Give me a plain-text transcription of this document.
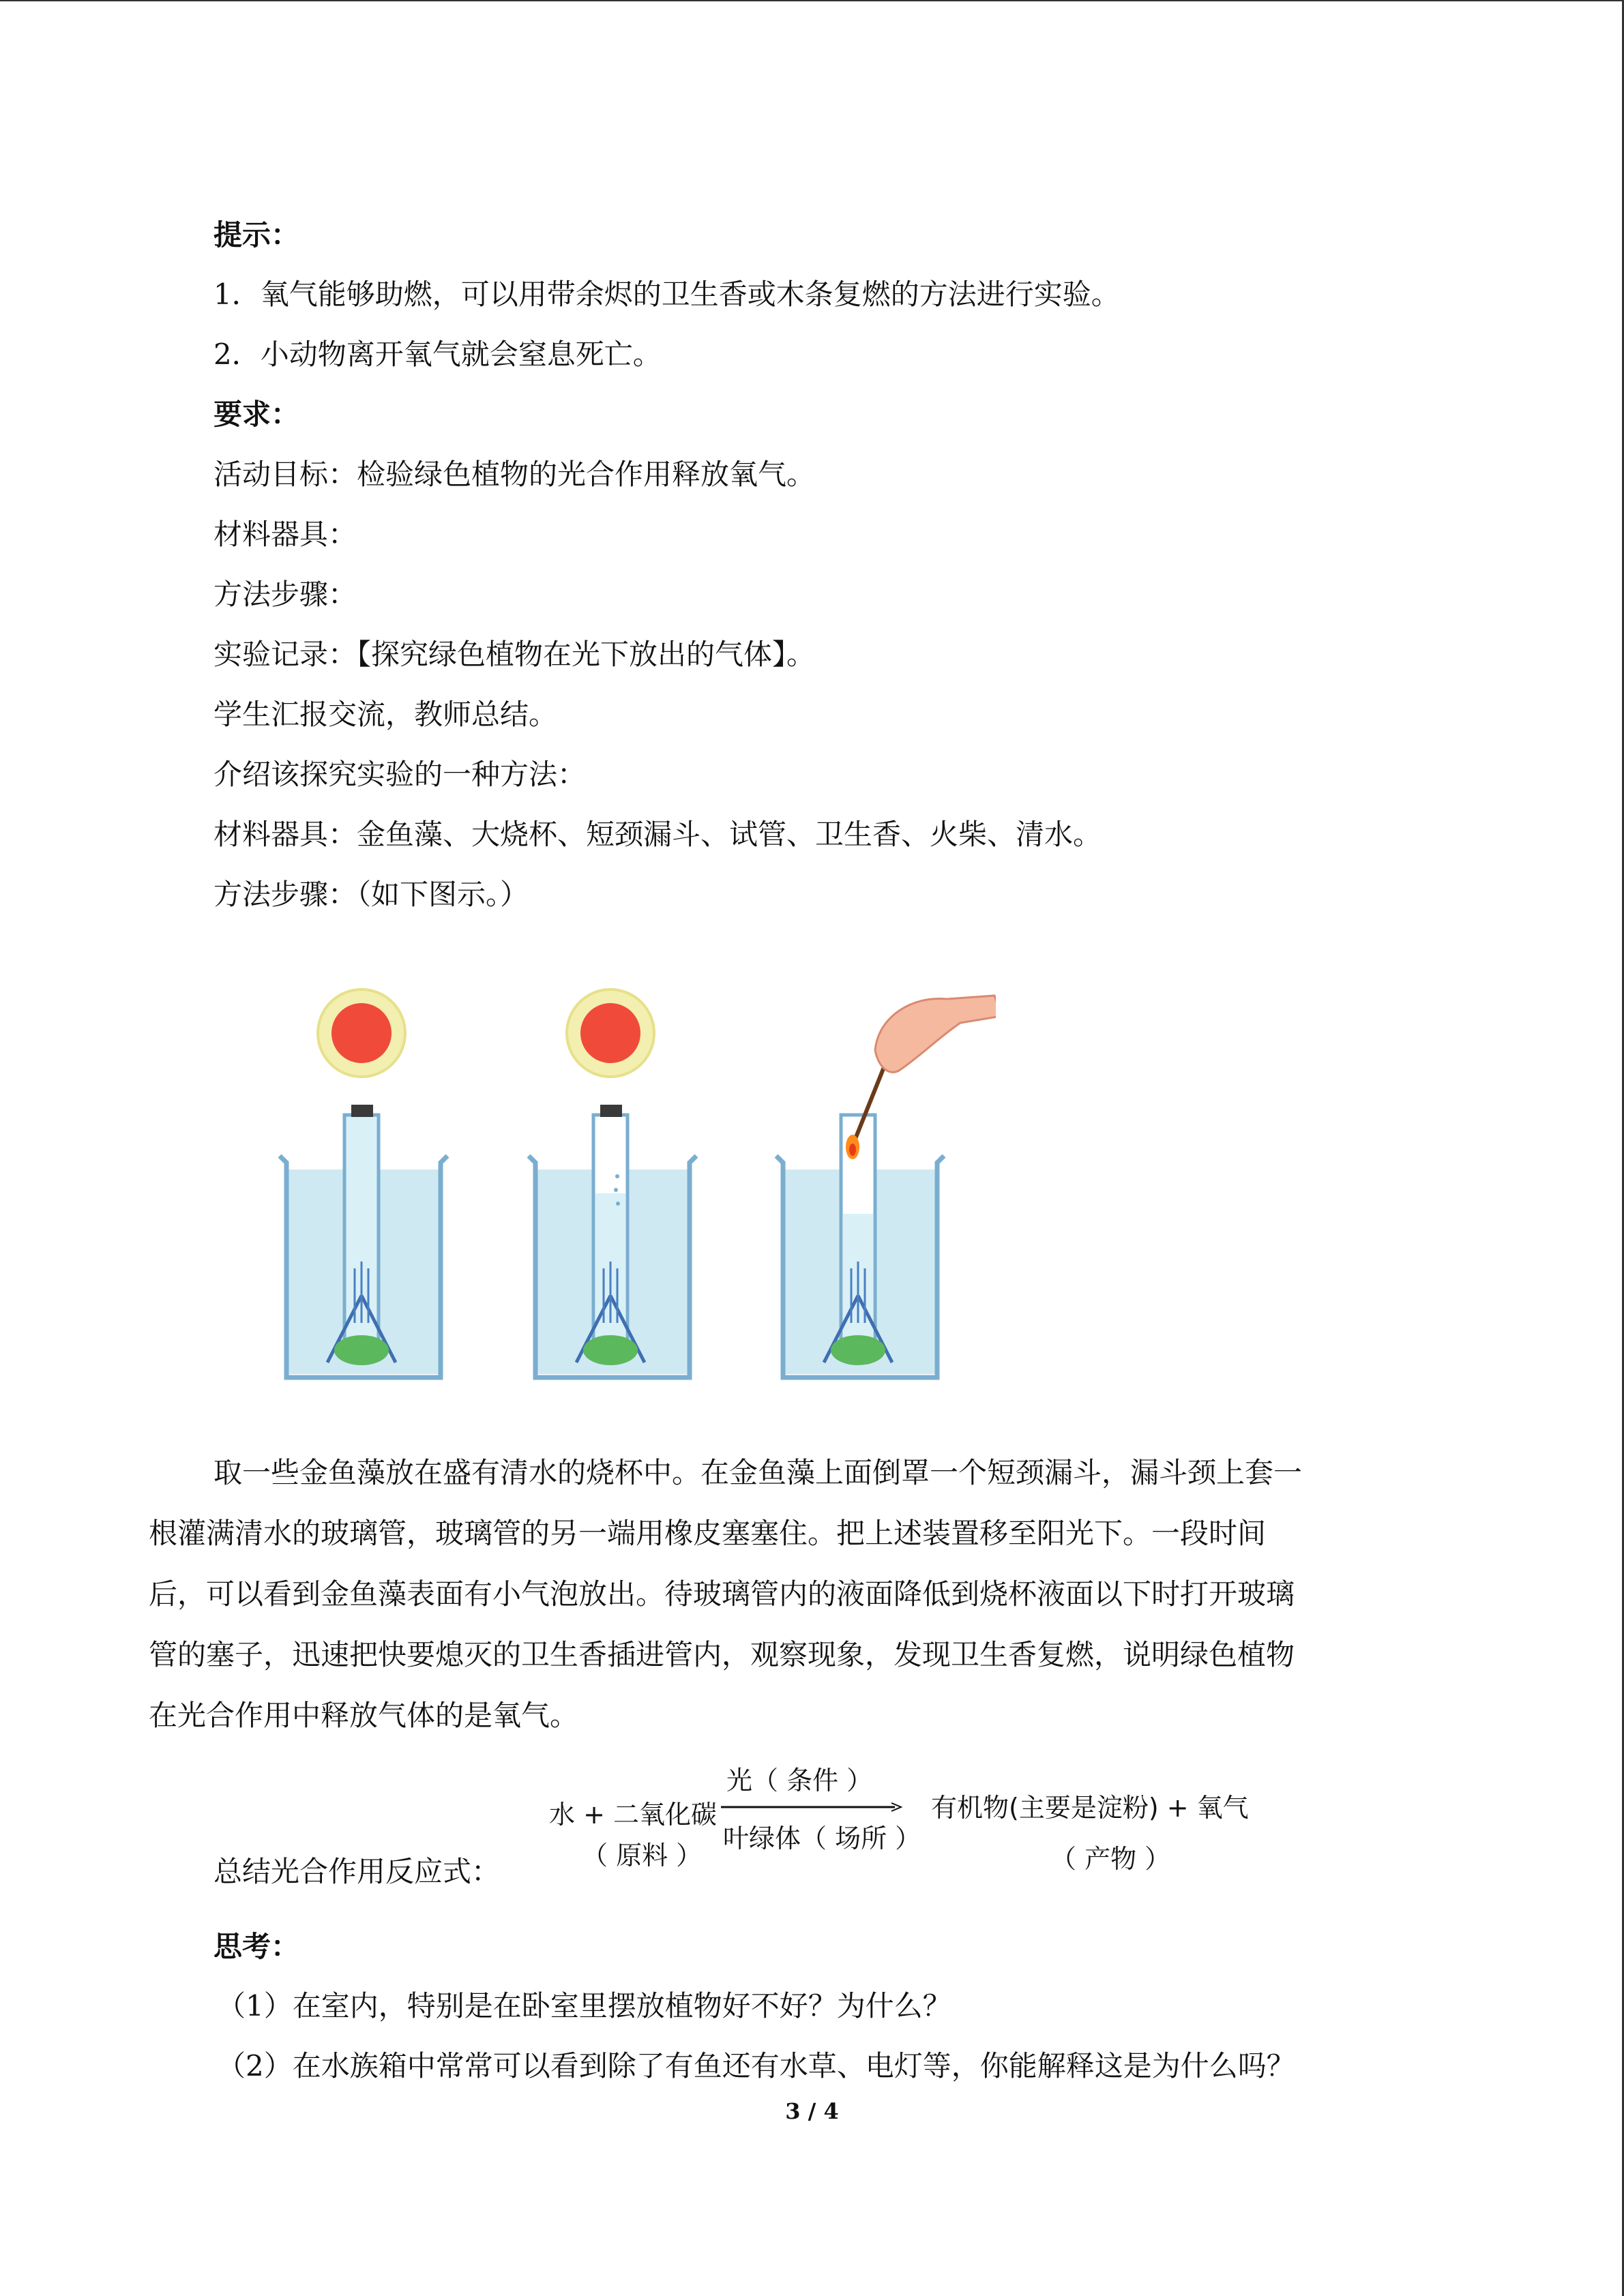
提示：
1．氧气能够助燃，可以用带余烬的卫生香或木条复燃的方法进行实验。
2．小动物离开氧气就会窒息死亡。
要求：
活动目标：检验绿色植物的光合作用释放氧气。
材料器具：
方法步骤：
实验记录：【探究绿色植物在光下放出的气体】。
学生汇报交流，教师总结。
介绍该探究实验的一种方法：
材料器具：金鱼藻、大烧杯、短颈漏斗、试管、卫生香、火柴、清水。
方法步骤：（如下图示。）
取一些金鱼藻放在盛有清水的烧杯中。在金鱼藻上面倒罩一个短颈漏斗，漏斗颈上套一
根灌满清水的玻璃管，玻璃管的另一端用橡皮塞塞住。把上述装置移至阳光下。一段时间
后，可以看到金鱼藻表面有小气泡放出。待玻璃管内的液面降低到烧杯液面以下时打开玻璃
管的塞子，迅速把快要熄灭的卫生香插进管内，观察现象，发现卫生香复燃，说明绿色植物
在光合作用中释放气体的是氧气。
总结光合作用反应式：
水 + 二氧化碳
（ 原料 ）
光（ 条件 ）
叶绿体（ 场所 ）
有机物(主要是淀粉) + 氧气
（ 产物 ）
思考：
（1）在室内，特别是在卧室里摆放植物好不好？为什么？
（2）在水族箱中常常可以看到除了有鱼还有水草、电灯等，你能解释这是为什么吗？
3 / 4
